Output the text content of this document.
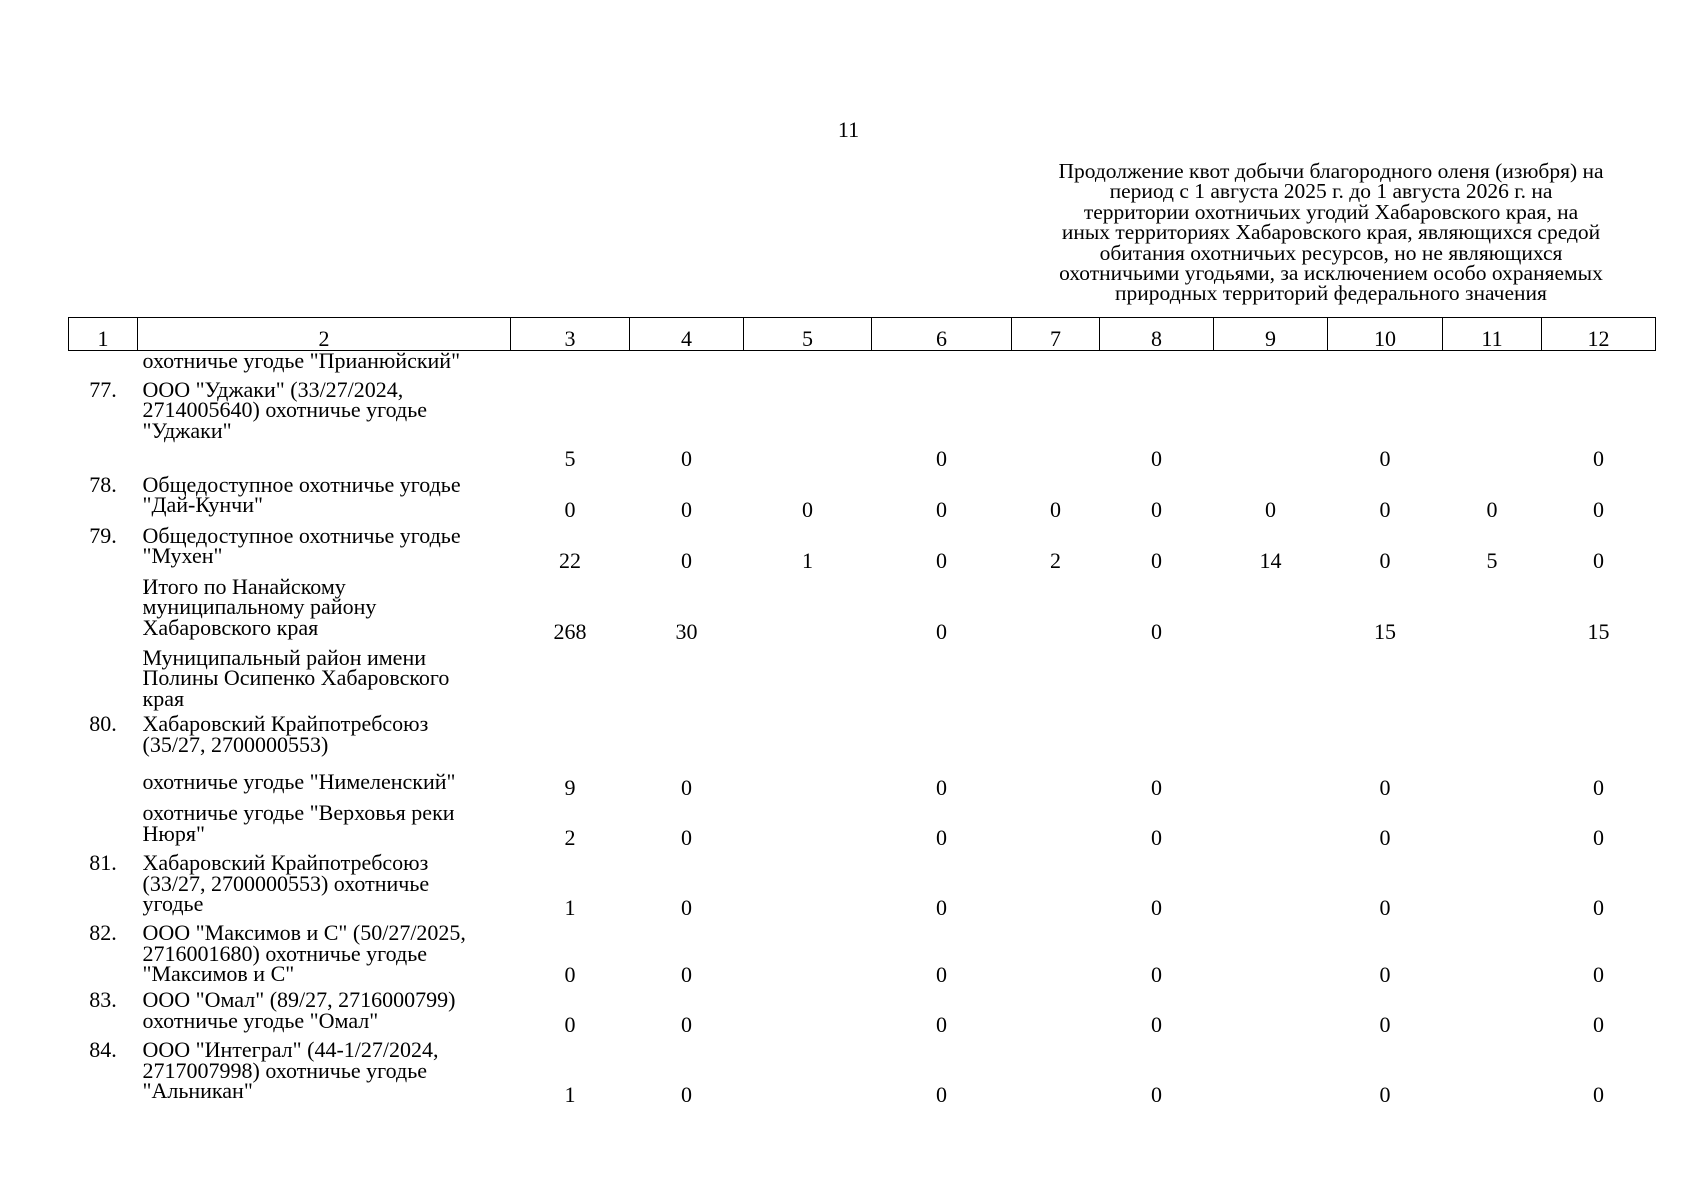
11
Продолжение квот добычи благородного оленя (изюбря) на
период с 1 августа 2025 г. до 1 августа 2026 г. на
территории охотничьих угодий Хабаровского края, на
иных территориях Хабаровского края, являющихся средой
обитания охотничьих ресурсов, но не являющихся
охотничьими угодьями, за исключением особо охраняемых
природных территорий федерального значения
1	2	3	4	5	6	7	8	9	10	11	12

	охотничье угодье "Прианюйский"										

77.	ООО "Уджаки" (33/27/2024,
2714005640) охотничье угодье
"Уджаки"	5	0		0		0		0		0
78.	Общедоступное охотничье угодье
"Дай-Кунчи"	0	0	0	0	0	0	0	0	0	0
79.	Общедоступное охотничье угодье
"Мухен"	22	0	1	0	2	0	14	0	5	0

	Итого по Нанайскому
муниципальному району
Хабаровского края	268	30		0		0		15		15

	Муниципальный район имени
Полины Осипенко Хабаровского
края										

80.	Хабаровский Крайпотребсоюз
(35/27, 2700000553)										

	охотничье угодье "Нимеленский"	9	0		0		0		0		0

	охотничье угодье "Верховья реки
Нюря"	2	0		0		0		0		0
81.	Хабаровский Крайпотребсоюз
(33/27, 2700000553) охотничье
угодье	1	0		0		0		0		0
82.	ООО "Максимов и С" (50/27/2025,
2716001680) охотничье угодье
"Максимов и С"	0	0		0		0		0		0
83.	ООО "Омал" (89/27, 2716000799)
охотничье угодье "Омал"	0	0		0		0		0		0
84.	ООО "Интеграл" (44-1/27/2024,
2717007998) охотничье угодье
"Альникан"	1	0		0		0		0		0
